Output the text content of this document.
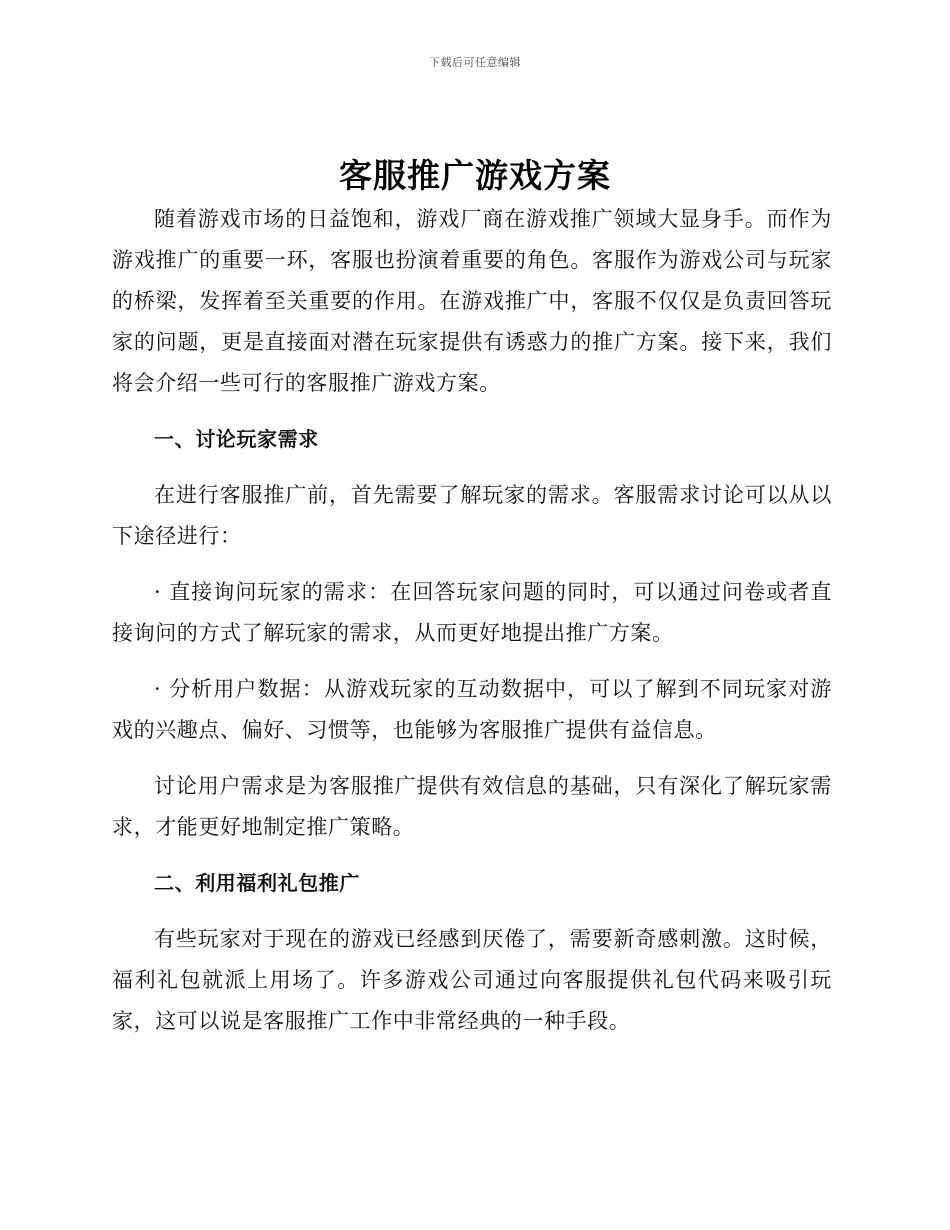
下载后可任意编辑
客服推广游戏方案

随着游戏市场的日益饱和，游戏厂商在游戏推广领域大显身手。而作为游戏推广的重要一环，客服也扮演着重要的角色。客服作为游戏公司与玩家的桥梁，发挥着至关重要的作用。在游戏推广中，客服不仅仅是负责回答玩家的问题，更是直接面对潜在玩家提供有诱惑力的推广方案。接下来，我们将会介绍一些可行的客服推广游戏方案。

一、讨论玩家需求

在进行客服推广前，首先需要了解玩家的需求。客服需求讨论可以从以下途径进行：

· 直接询问玩家的需求：在回答玩家问题的同时，可以通过问卷或者直接询问的方式了解玩家的需求，从而更好地提出推广方案。

· 分析用户数据：从游戏玩家的互动数据中，可以了解到不同玩家对游戏的兴趣点、偏好、习惯等，也能够为客服推广提供有益信息。

讨论用户需求是为客服推广提供有效信息的基础，只有深化了解玩家需求，才能更好地制定推广策略。

二、利用福利礼包推广

有些玩家对于现在的游戏已经感到厌倦了，需要新奇感刺激。这时候，福利礼包就派上用场了。许多游戏公司通过向客服提供礼包代码来吸引玩家，这可以说是客服推广工作中非常经典的一种手段。
